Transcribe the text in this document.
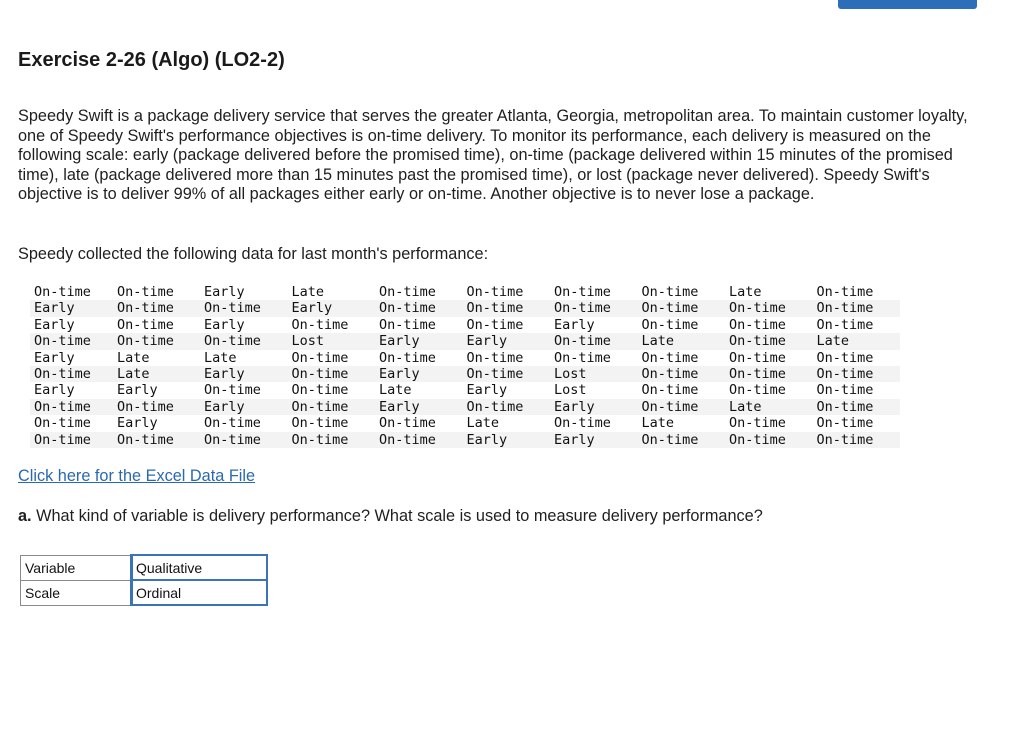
Exercise 2-26 (Algo) (LO2-2)

Speedy Swift is a package delivery service that serves the greater Atlanta, Georgia, metropolitan area. To maintain customer loyalty, one of Speedy Swift's performance objectives is on-time delivery. To monitor its performance, each delivery is measured on the following scale: early (package delivered before the promised time), on-time (package delivered within 15 minutes of the promised time), late (package delivered more than 15 minutes past the promised time), or lost (package never delivered). Speedy Swift's objective is to deliver 99% of all packages either early or on-time. Another objective is to never lose a package.

Speedy collected the following data for last month's performance:

On-time	On-time	Early	Late	On-time	On-time	On-time	On-time	Late	On-time
Early	On-time	On-time	Early	On-time	On-time	On-time	On-time	On-time	On-time
Early	On-time	Early	On-time	On-time	On-time	Early	On-time	On-time	On-time
On-time	On-time	On-time	Lost	Early	Early	On-time	Late	On-time	Late
Early	Late	Late	On-time	On-time	On-time	On-time	On-time	On-time	On-time
On-time	Late	Early	On-time	Early	On-time	Lost	On-time	On-time	On-time
Early	Early	On-time	On-time	Late	Early	Lost	On-time	On-time	On-time
On-time	On-time	Early	On-time	Early	On-time	Early	On-time	Late	On-time
On-time	Early	On-time	On-time	On-time	Late	On-time	Late	On-time	On-time
On-time	On-time	On-time	On-time	On-time	Early	Early	On-time	On-time	On-time
Click here for the Excel Data File

a. What kind of variable is delivery performance? What scale is used to measure delivery performance?

Variable	Qualitative
Scale	Ordinal
